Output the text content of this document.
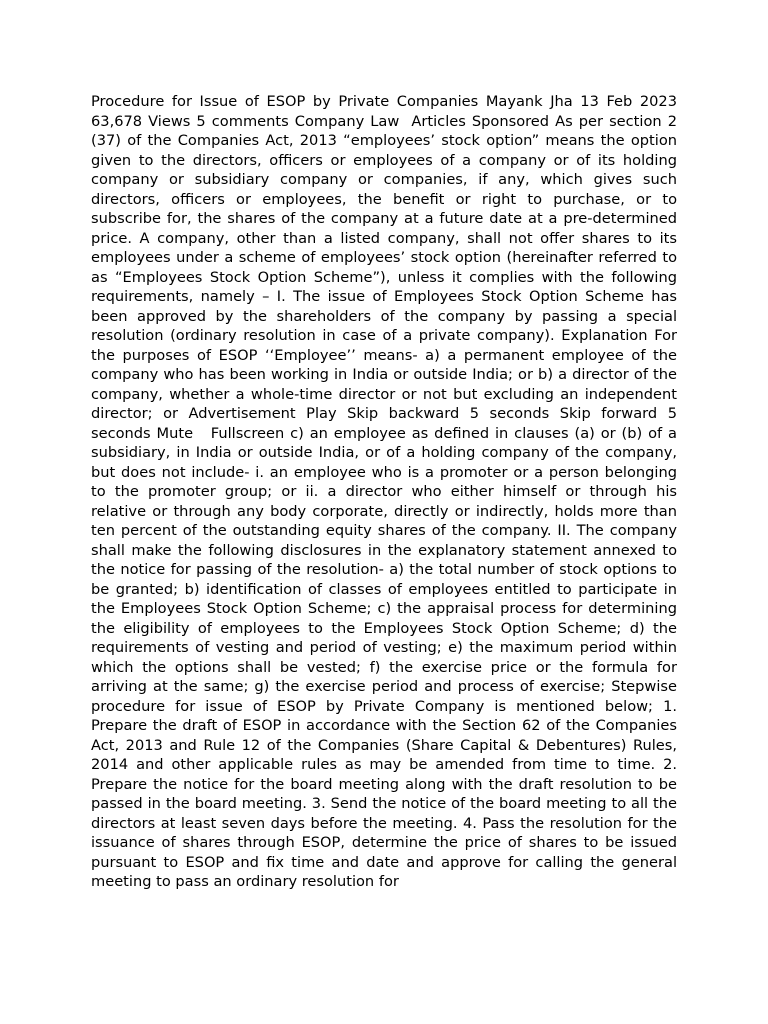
Procedure for Issue of ESOP by Private Companies Mayank Jha 13 Feb 2023 63,678 Views 5 comments Company Law  Articles Sponsored As per section 2 (37) of the Companies Act, 2013 “employees’ stock option” means the option given to the directors, officers or employees of a company or of its holding company or subsidiary company or companies, if any, which gives such directors, officers or employees, the benefit or right to purchase, or to subscribe for, the shares of the company at a future date at a pre-determined price. A company, other than a listed company, shall not offer shares to its employees under a scheme of employees’ stock option (hereinafter referred to as “Employees Stock Option Scheme”), unless it complies with the following requirements, namely – I. The issue of Employees Stock Option Scheme has been approved by the shareholders of the company by passing a special resolution (ordinary resolution in case of a private company). Explanation For the purposes of ESOP ‘‘Employee’’ means- a) a permanent employee of the company who has been working in India or outside India; or b) a director of the company, whether a whole-time director or not but excluding an independent director; or Advertisement Play Skip backward 5 seconds Skip forward 5 seconds Mute   Fullscreen c) an employee as defined in clauses (a) or (b) of a subsidiary, in India or outside India, or of a holding company of the company, but does not include- i. an employee who is a promoter or a person belonging to the promoter group; or ii. a director who either himself or through his relative or through any body corporate, directly or indirectly, holds more than ten percent of the outstanding equity shares of the company. II. The company shall make the following disclosures in the explanatory statement annexed to the notice for passing of the resolution- a) the total number of stock options to be granted; b) identification of classes of employees entitled to participate in the Employees Stock Option Scheme; c) the appraisal process for determining the eligibility of employees to the Employees Stock Option Scheme; d) the requirements of vesting and period of vesting; e) the maximum period within which the options shall be vested; f) the exercise price or the formula for arriving at the same; g) the exercise period and process of exercise; Stepwise procedure for issue of ESOP by Private Company is mentioned below; 1. Prepare the draft of ESOP in accordance with the Section 62 of the Companies Act, 2013 and Rule 12 of the Companies (Share Capital & Debentures) Rules, 2014 and other applicable rules as may be amended from time to time. 2. Prepare the notice for the board meeting along with the draft resolution to be passed in the board meeting. 3. Send the notice of the board meeting to all the directors at least seven days before the meeting. 4. Pass the resolution for the issuance of shares through ESOP, determine the price of shares to be issued pursuant to ESOP and fix time and date and approve for calling the general meeting to pass an ordinary resolution for
